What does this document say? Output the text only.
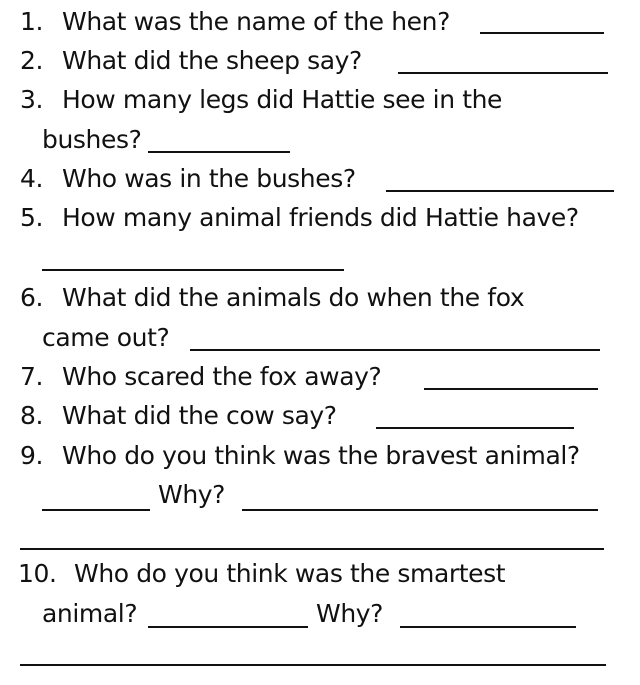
1. What was the name of the hen?
2. What did the sheep say?
3. How many legs did Hattie see in the
bushes?
4. Who was in the bushes?
5. How many animal friends did Hattie have?
6. What did the animals do when the fox
came out?
7. Who scared the fox away?
8. What did the cow say?
9. Who do you think was the bravest animal?
Why?
10. Who do you think was the smartest
animal?	Why?
